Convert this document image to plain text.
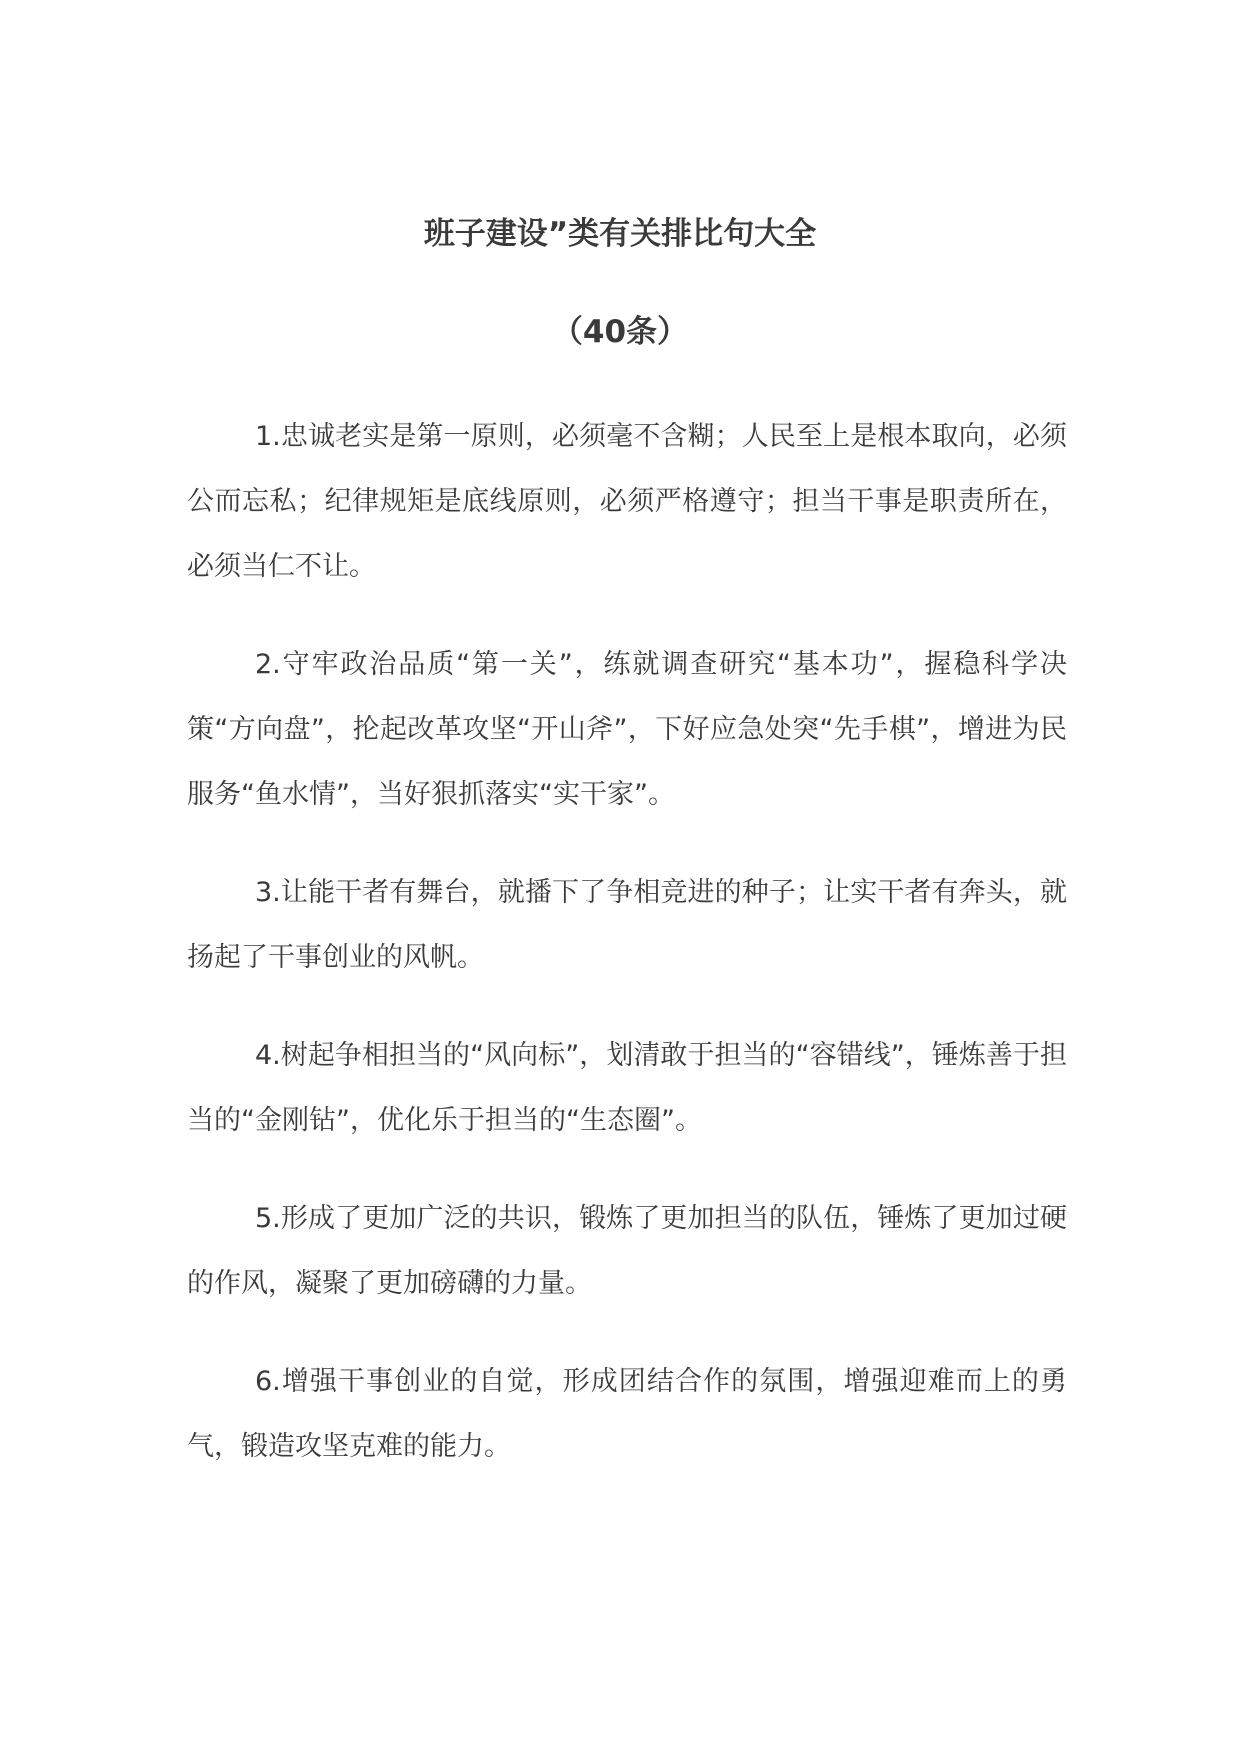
班子建设”类有关排比句大全
（40条）

1.忠诚老实是第一原则，必须毫不含糊；人民至上是根本取向，必须公而忘私；纪律规矩是底线原则，必须严格遵守；担当干事是职责所在，必须当仁不让。

2.守牢政治品质“第一关”，练就调查研究“基本功”，握稳科学决策“方向盘”，抡起改革攻坚“开山斧”，下好应急处突“先手棋”，增进为民服务“鱼水情”，当好狠抓落实“实干家”。

3.让能干者有舞台，就播下了争相竞进的种子；让实干者有奔头，就扬起了干事创业的风帆。

4.树起争相担当的“风向标”，划清敢于担当的“容错线”，锤炼善于担当的“金刚钻”，优化乐于担当的“生态圈”。

5.形成了更加广泛的共识，锻炼了更加担当的队伍，锤炼了更加过硬的作风，凝聚了更加磅礴的力量。

6.增强干事创业的自觉，形成团结合作的氛围，增强迎难而上的勇气，锻造攻坚克难的能力。
